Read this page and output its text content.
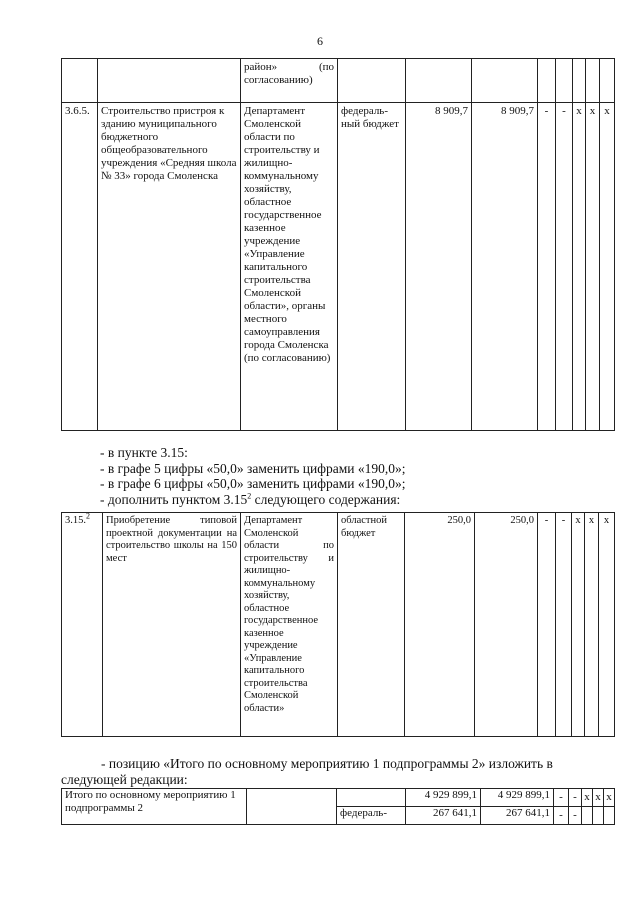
6

		район» (по
согласованию)								

3.6.5.	Строительство пристроя к зданию муниципального бюджетного общеобразовательного учреждения «Средняя школа № 33» города Смоленска	Департамент Смоленской области по строительству и жилищно-коммунальному хозяйству, областное государственное казенное учреждение «Управление капитального строительства Смоленской области», органы местного самоуправления города Смоленска (по согласованию)	федераль-ный бюджет	8 909,7	8 909,7	-	-	x	x	x
- в пункте 3.15:
- в графе 5 цифры «50,0» заменить цифрами «190,0»;
- в графе 6 цифры «50,0» заменить цифрами «190,0»;
- дополнить пунктом 3.15$^2$ следующего содержания:
3.15.$^2$	Приобретение типовой проектной документации на строительство школы на 150 мест	Департамент Смоленской области по строительству и жилищно-коммунальному хозяйству, областное государственное казенное учреждение «Управление капитального строительства Смоленской области»	областной бюджет	250,0	250,0	-	-	x	x	x
- позицию «Итого по основному мероприятию 1 подпрограммы 2» изложить в
следующей редакции:
Итого по основному мероприятию 1 подпрограммы 2			4 929 899,1	4 929 899,1	-	-	x	x	x
		федераль-	267 641,1	267 641,1	-	-			
